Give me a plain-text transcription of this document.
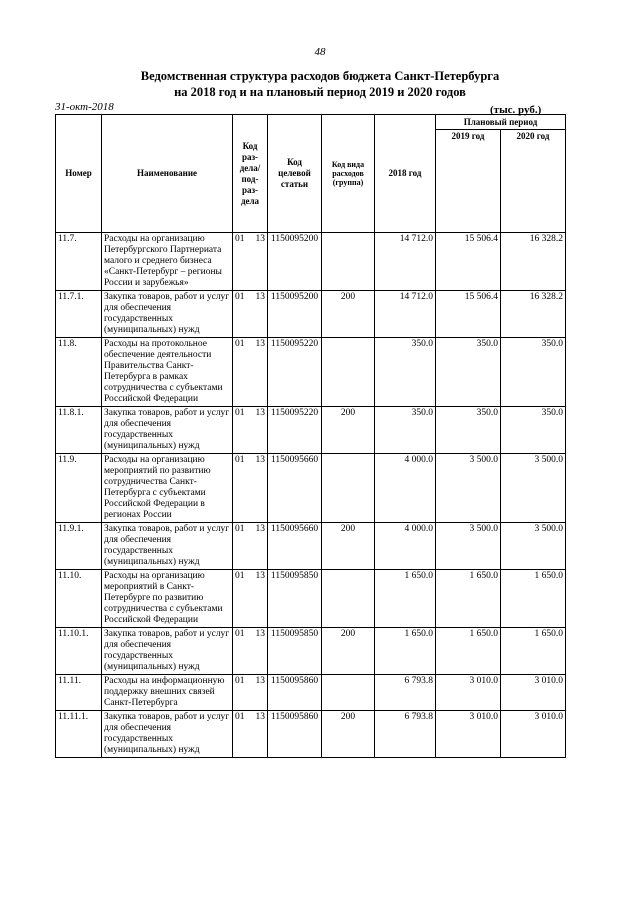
48
Ведомственная структура расходов бюджета Санкт-Петербурга
на 2018 год и на плановый период 2019 и 2020 годов
31-окт-2018	(тыс. руб.)
Номер	Наименование	Код раз-дела/ под-раз-дела	Код целевой статьи	Код вида расходов (группа)	2018 год	Плановый период	
						2019 год	2020 год
11.7.	Расходы на организацию Петербургского Партнериата малого и среднего бизнеса «Санкт-Петербург – регионы России и зарубежья»	01 13	1150095200		14 712.0	15 506.4	16 328.2
11.7.1.	Закупка товаров, работ и услуг для обеспечения государственных (муниципальных) нужд	01 13	1150095200	200	14 712.0	15 506.4	16 328.2
11.8.	Расходы на протокольное обеспечение деятельности Правительства Санкт-Петербурга в рамках сотрудничества с субъектами Российской Федерации	01 13	1150095220		350.0	350.0	350.0
11.8.1.	Закупка товаров, работ и услуг для обеспечения государственных (муниципальных) нужд	01 13	1150095220	200	350.0	350.0	350.0
11.9.	Расходы на организацию мероприятий по развитию сотрудничества Санкт-Петербурга с субъектами Российской Федерации в регионах России	01 13	1150095660		4 000.0	3 500.0	3 500.0
11.9.1.	Закупка товаров, работ и услуг для обеспечения государственных (муниципальных) нужд	01 13	1150095660	200	4 000.0	3 500.0	3 500.0
11.10.	Расходы на организацию мероприятий в Санкт-Петербурге по развитию сотрудничества с субъектами Российской Федерации	01 13	1150095850		1 650.0	1 650.0	1 650.0
11.10.1.	Закупка товаров, работ и услуг для обеспечения государственных (муниципальных) нужд	01 13	1150095850	200	1 650.0	1 650.0	1 650.0
11.11.	Расходы на информационную поддержку внешних связей Санкт-Петербурга	01 13	1150095860		6 793.8	3 010.0	3 010.0
11.11.1.	Закупка товаров, работ и услуг для обеспечения государственных (муниципальных) нужд	01 13	1150095860	200	6 793.8	3 010.0	3 010.0
